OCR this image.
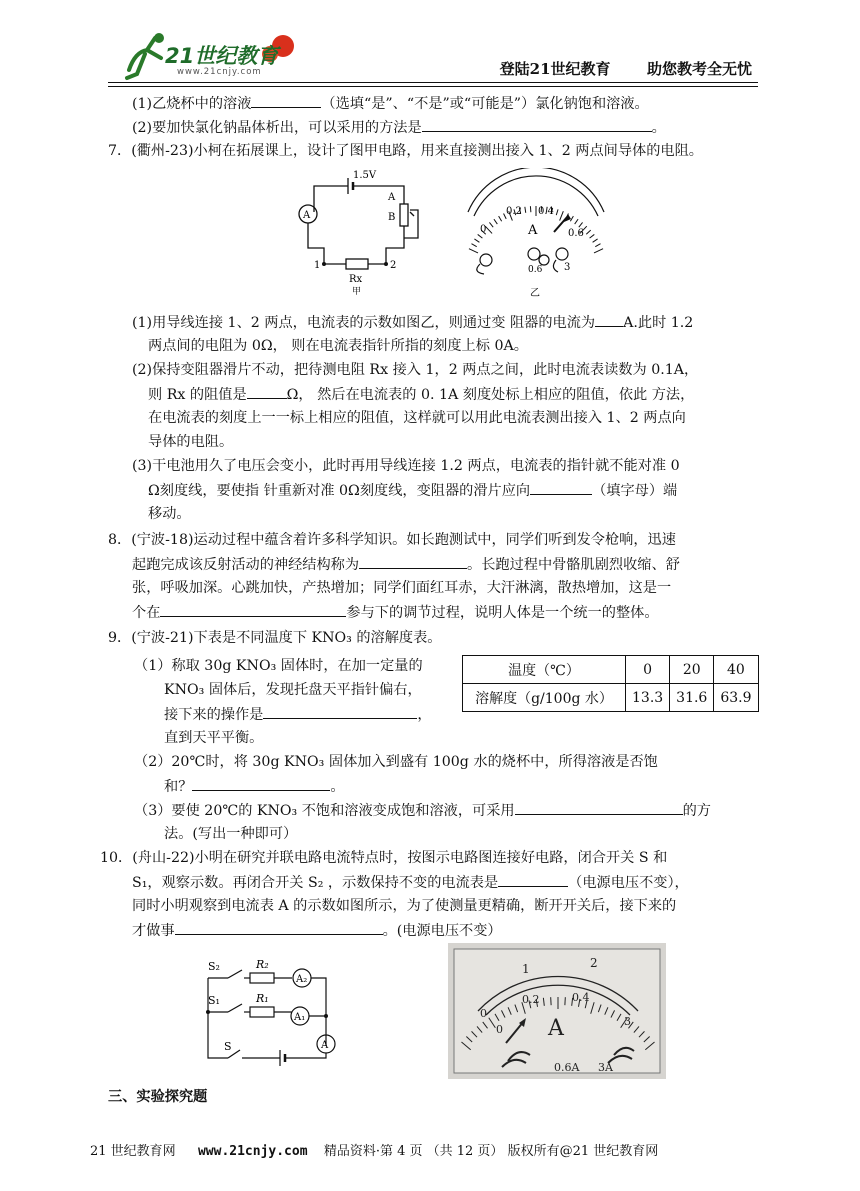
21世纪教育
www.21cnjy.com	登陆21世纪教育 助您教考全无忧
(1)乙烧杯中的溶液	（选填“是”、“不是”或“可能是”）氯化钠饱和溶液。
(2)要加快氯化钠晶体析出，可以采用的方法是	。
7．(衢州-23)小柯在拓展课上，设计了图甲电路，用来直接测出接入 1、2 两点间导体的电阻。
1.5V
A
A
B
1	2
Rx
甲
0
0.2 0.4
0.6
A
0.6 3
乙
(1)用导线连接 1、2 两点，电流表的示数如图乙，则通过变 阻器的电流为 A.此时 1.2
两点间的电阻为 0Ω， 则在电流表指针所指的刻度上标 0A。
(2)保持变阻器滑片不动，把待测电阻 Rx 接入 1，2 两点之间，此时电流表读数为 0.1A，
则 Rx 的阻值是	Ω， 然后在电流表的 0. 1A 刻度处标上相应的阻值，依此 方法，
在电流表的刻度上一一标上相应的阻值，这样就可以用此电流表测出接入 1、2 两点向
导体的电阻。
(3)干电池用久了电压会变小，此时再用导线连接 1.2 两点，电流表的指针就不能对准 0
Ω刻度线，要使指 针重新对准 0Ω刻度线，变阻器的滑片应向	（填字母）端
移动。
8．(宁波-18)运动过程中蕴含着许多科学知识。如长跑测试中，同学们听到发令枪响，迅速
起跑完成该反射活动的神经结构称为	。长跑过程中骨骼肌剧烈收缩、舒
张，呼吸加深。心跳加快，产热增加；同学们面红耳赤，大汗淋漓，散热增加，这是一
个在	参与下的调节过程，说明人体是一个统一的整体。
9．(宁波-21)下表是不同温度下 KNO₃ 的溶解度表。
（1）称取 30g KNO₃ 固体时，在加一定量的
KNO₃ 固体后，发现托盘天平指针偏右，
接下来的操作是	，
直到天平平衡。
温度（℃）	0	20	40
溶解度（g/100g 水）	13.3	31.6	63.9
（2）20℃时，将 30g KNO₃ 固体加入到盛有 100g 水的烧杯中，所得溶液是否饱
和？	。
（3）要使 20℃的 KNO₃ 不饱和溶液变成饱和溶液，可采用	的方
法。(写出一种即可）
10．(舟山-22)小明在研究并联电路电流特点时，按图示电路图连接好电路，闭合开关 S 和
S₁，观察示数。再闭合开关 S₂ ，示数保持不变的电流表是	（电源电压不变），
同时小明观察到电流表 A 的示数如图所示，为了使测量更精确，断开开关后，接下来的
才做事	。(电源电压不变）
S₂
S₁
S
R₂
R₁
A₂
A₁
A
1	2
0.2	0.4
0
0
3
A
0.6A 3A
三、实验探究题
21 世纪教育网 www.21cnjy.com 精品资料·第 4 页 （共 12 页） 版权所有@21 世纪教育网
